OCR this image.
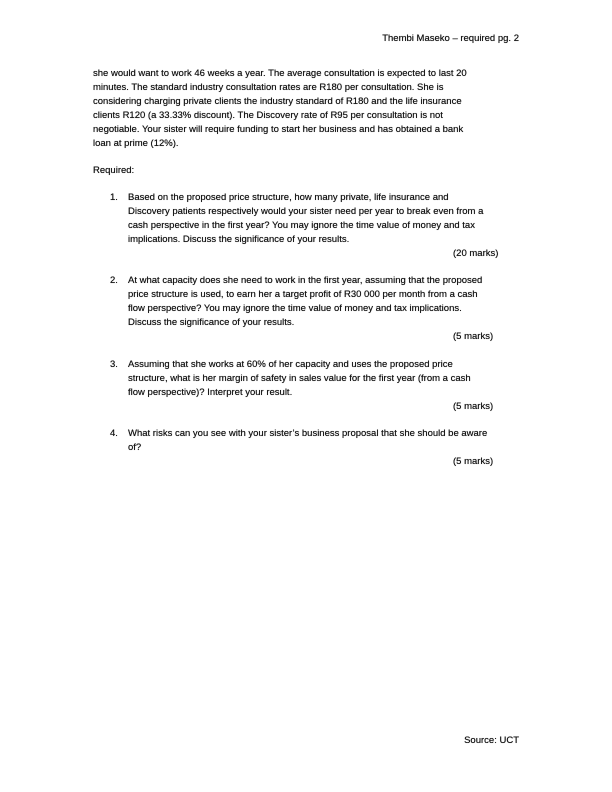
Thembi Maseko – required pg. 2
she would want to work 46 weeks a year. The average consultation is expected to last 20
minutes. The standard industry consultation rates are R180 per consultation. She is
considering charging private clients the industry standard of R180 and the life insurance
clients R120 (a 33.33% discount). The Discovery rate of R95 per consultation is not
negotiable. Your sister will require funding to start her business and has obtained a bank
loan at prime (12%).
Required:
1.	Based on the proposed price structure, how many private, life insurance and
Discovery patients respectively would your sister need per year to break even from a
cash perspective in the first year? You may ignore the time value of money and tax
implications. Discuss the significance of your results.
(20 marks)
2.	At what capacity does she need to work in the first year, assuming that the proposed
price structure is used, to earn her a target profit of R30 000 per month from a cash
flow perspective? You may ignore the time value of money and tax implications.
Discuss the significance of your results.
(5 marks)
3.	Assuming that she works at 60% of her capacity and uses the proposed price
structure, what is her margin of safety in sales value for the first year (from a cash
flow perspective)? Interpret your result.
(5 marks)
4.	What risks can you see with your sister’s business proposal that she should be aware
of?
(5 marks)
Source: UCT
